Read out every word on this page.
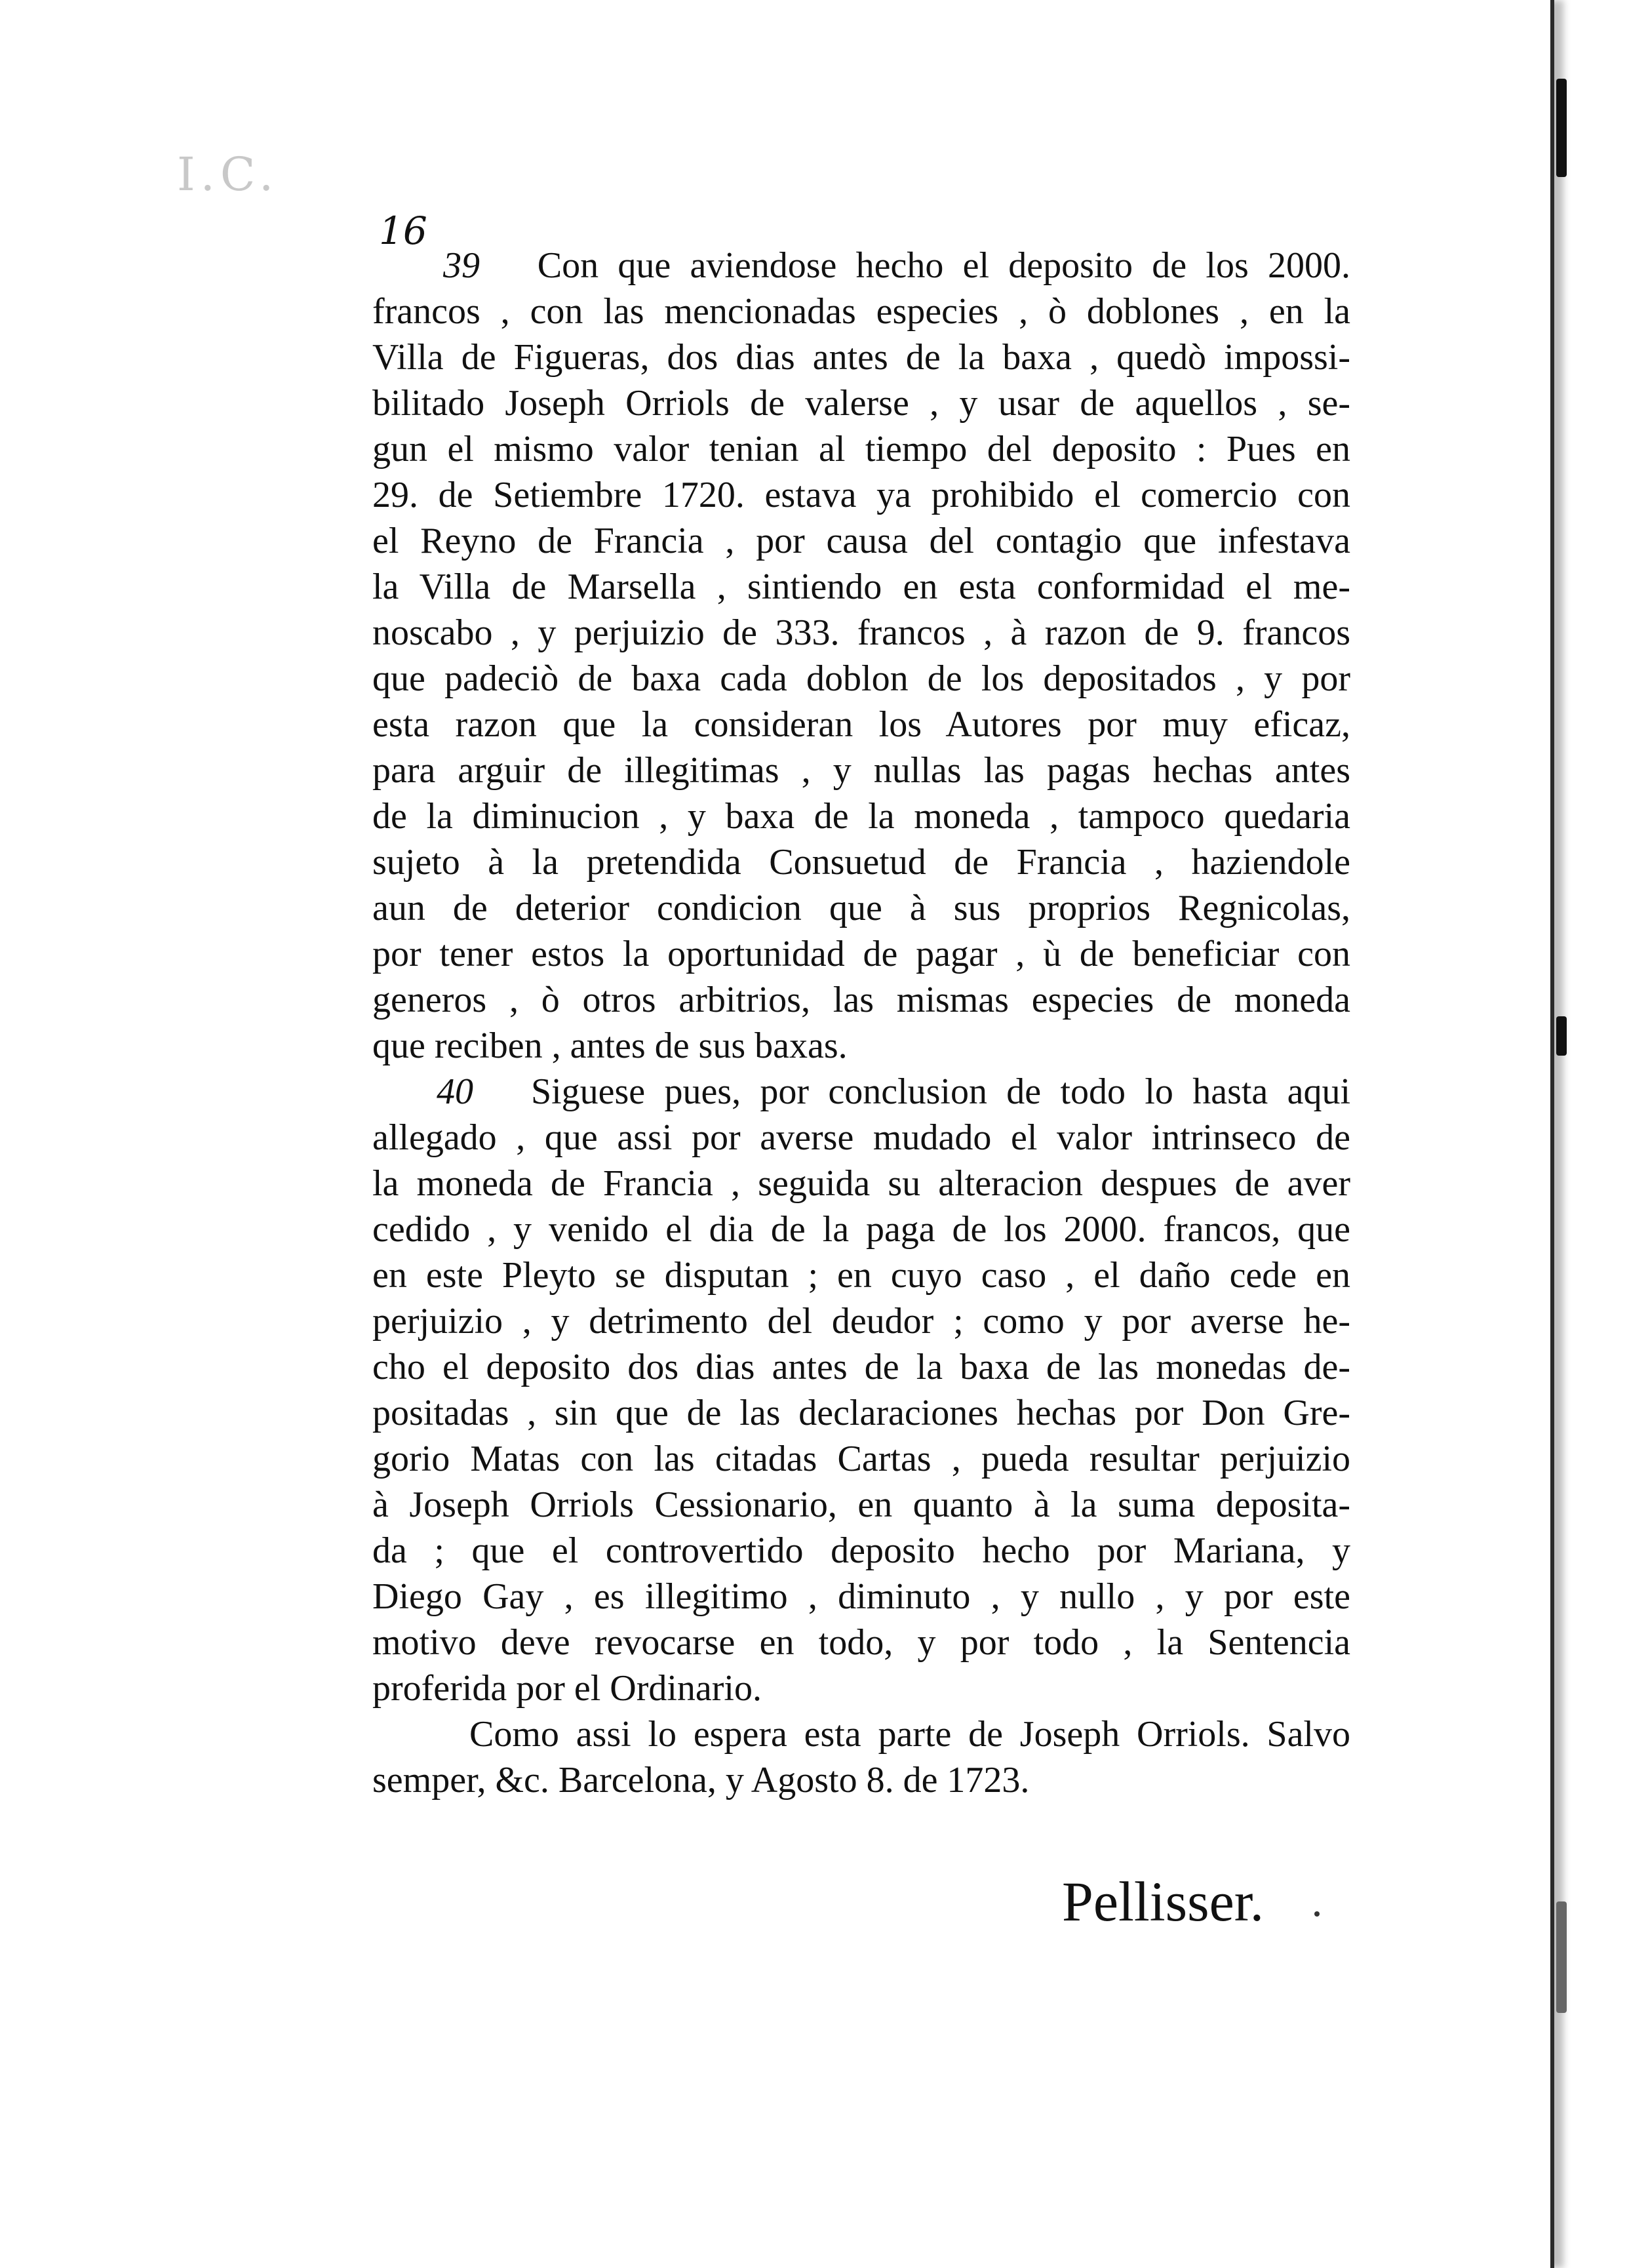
I.C.
16
39 Con que aviendose hecho el deposito de los 2000.
francos , con las mencionadas especies , ò doblones , en la
Villa de Figueras, dos dias antes de la baxa , quedò impossi-
bilitado Joseph Orriols de valerse , y usar de aquellos , se-
gun el mismo valor tenian al tiempo del deposito : Pues en
29. de Setiembre 1720. estava ya prohibido el comercio con
el Reyno de Francia , por causa del contagio que infestava
la Villa de Marsella , sintiendo en esta conformidad el me-
noscabo , y perjuizio de 333. francos , à razon de 9. francos
que padeciò de baxa cada doblon de los depositados , y por
esta razon que la consideran los Autores por muy eficaz,
para arguir de illegitimas , y nullas las pagas hechas antes
de la diminucion , y baxa de la moneda , tampoco quedaria
sujeto à la pretendida Consuetud de Francia , haziendole
aun de deterior condicion que à sus proprios Regnicolas,
por tener estos la oportunidad de pagar , ù de beneficiar con
generos , ò otros arbitrios, las mismas especies de moneda
que reciben , antes de sus baxas.
40 Siguese pues, por conclusion de todo lo hasta aqui
allegado , que assi por averse mudado el valor intrinseco de
la moneda de Francia , seguida su alteracion despues de aver
cedido , y venido el dia de la paga de los 2000. francos, que
en este Pleyto se disputan ; en cuyo caso , el daño cede en
perjuizio , y detrimento del deudor ; como y por averse he-
cho el deposito dos dias antes de la baxa de las monedas de-
positadas , sin que de las declaraciones hechas por Don Gre-
gorio Matas con las citadas Cartas , pueda resultar perjuizio
à Joseph Orriols Cessionario, en quanto à la suma deposita-
da ; que el controvertido deposito hecho por Mariana, y
Diego Gay , es illegitimo , diminuto , y nullo , y por este
motivo deve revocarse en todo, y por todo , la Sentencia
proferida por el Ordinario.
Como assi lo espera esta parte de Joseph Orriols. Salvo
semper, &c. Barcelona, y Agosto 8. de 1723.
Pellisser.
